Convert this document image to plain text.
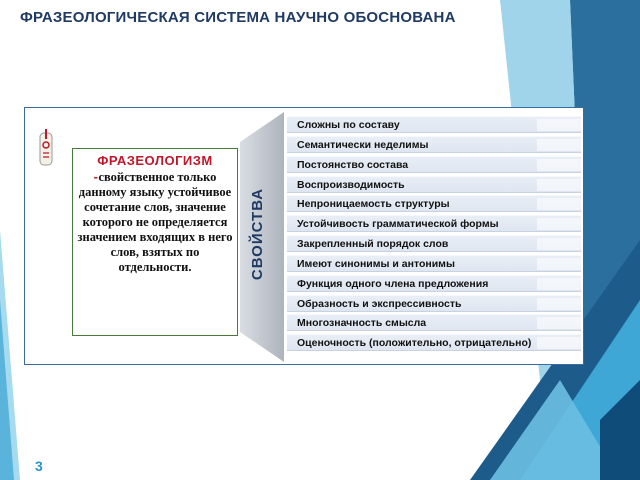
ФРАЗЕОЛОГИЧЕСКАЯ СИСТЕМА НАУЧНО ОБОСНОВАНА
ФРАЗЕОЛОГИЗМ -свойственное только данному языку устойчивое сочетание слов, значение которого не определяется значением входящих в него слов, взятых по отдельности.	СВОЙСТВА
Сложны по составу
Семантически неделимы
Постоянство состава
Воспроизводимость
Непроницаемость структуры
Устойчивость грамматической формы
Закрепленный порядок слов
Имеют синонимы и антонимы
Функция одного члена предложения
Образность и экспрессивность
Многозначность смысла
Оценочность (положительно, отрицательно)
3
